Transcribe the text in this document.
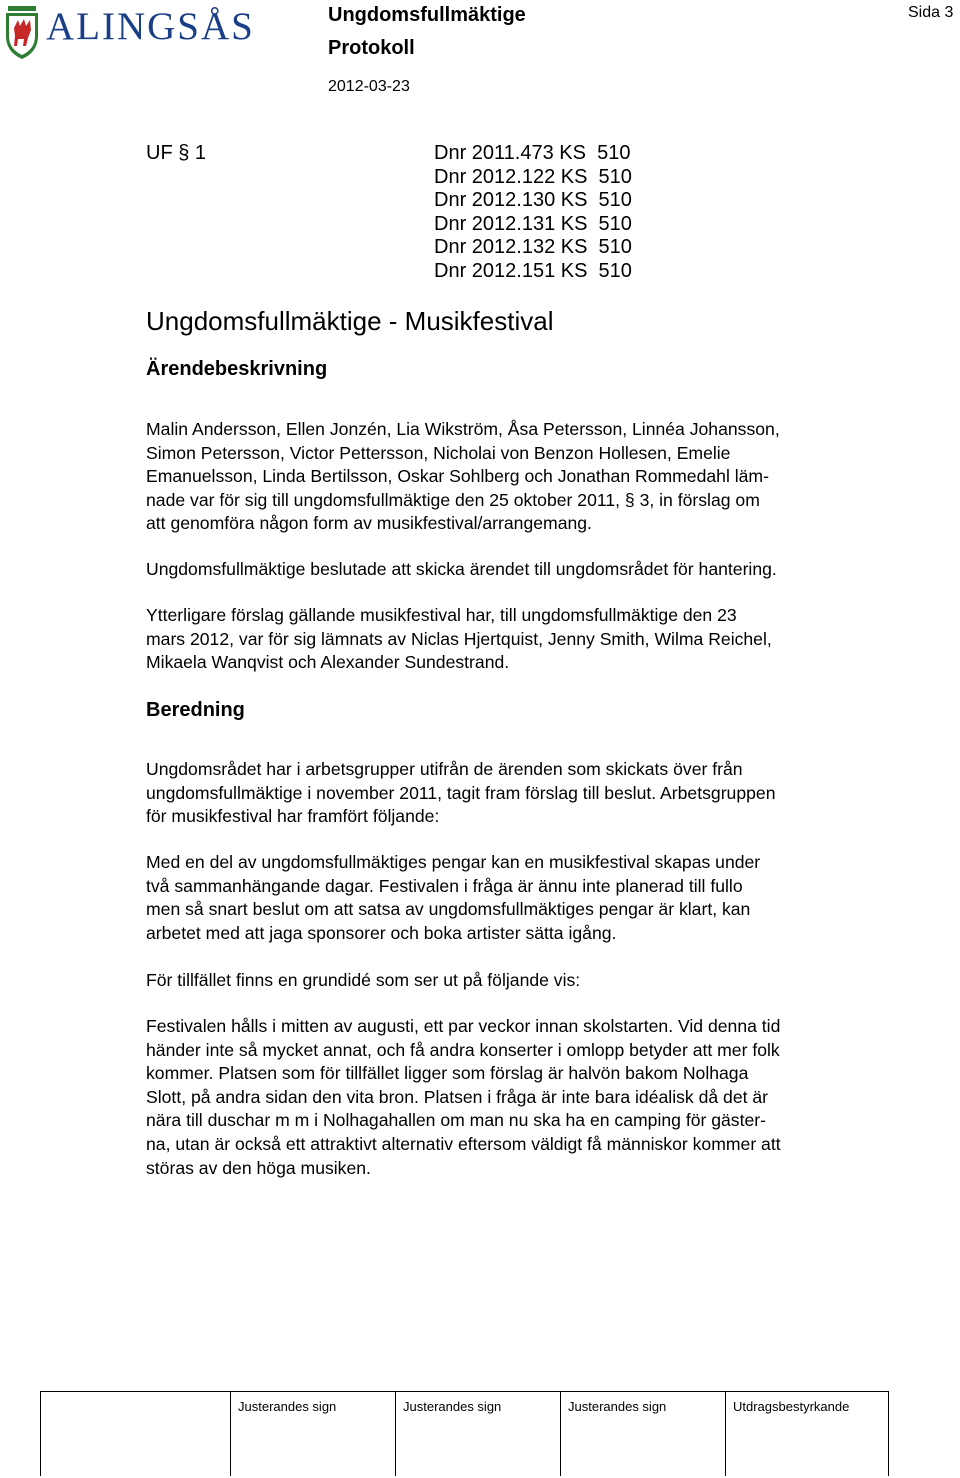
ALINGSÅS	Ungdomsfullmäktige
Protokoll
2012-03-23
Sida 3
UF § 1	Dnr 2011.473 KS  510
Dnr 2012.122 KS  510
Dnr 2012.130 KS  510
Dnr 2012.131 KS  510
Dnr 2012.132 KS  510
Dnr 2012.151 KS  510
Ungdomsfullmäktige - Musikfestival
Ärendebeskrivning
Malin Andersson, Ellen Jonzén, Lia Wikström, Åsa Petersson, Linnéa Johansson,
Simon Petersson, Victor Pettersson, Nicholai von Benzon Hollesen, Emelie
Emanuelsson, Linda Bertilsson, Oskar Sohlberg och Jonathan Rommedahl läm-
nade var för sig till ungdomsfullmäktige den 25 oktober 2011, § 3, in förslag om
att genomföra någon form av musikfestival/arrangemang.
Ungdomsfullmäktige beslutade att skicka ärendet till ungdomsrådet för hantering.
Ytterligare förslag gällande musikfestival har, till ungdomsfullmäktige den 23
mars 2012, var för sig lämnats av Niclas Hjertquist, Jenny Smith, Wilma Reichel,
Mikaela Wanqvist och Alexander Sundestrand.
Beredning
Ungdomsrådet har i arbetsgrupper utifrån de ärenden som skickats över från
ungdomsfullmäktige i november 2011, tagit fram förslag till beslut. Arbetsgruppen
för musikfestival har framfört följande:
Med en del av ungdomsfullmäktiges pengar kan en musikfestival skapas under
två sammanhängande dagar. Festivalen i fråga är ännu inte planerad till fullo
men så snart beslut om att satsa av ungdomsfullmäktiges pengar är klart, kan
arbetet med att jaga sponsorer och boka artister sätta igång.
För tillfället finns en grundidé som ser ut på följande vis:
Festivalen hålls i mitten av augusti, ett par veckor innan skolstarten. Vid denna tid
händer inte så mycket annat, och få andra konserter i omlopp betyder att mer folk
kommer. Platsen som för tillfället ligger som förslag är halvön bakom Nolhaga
Slott, på andra sidan den vita bron. Platsen i fråga är inte bara idéalisk då det är
nära till duschar m m i Nolhagahallen om man nu ska ha en camping för gäster-
na, utan är också ett attraktivt alternativ eftersom väldigt få människor kommer att
störas av den höga musiken.
Justerandes sign	Justerandes sign	Justerandes sign	Utdragsbestyrkande
